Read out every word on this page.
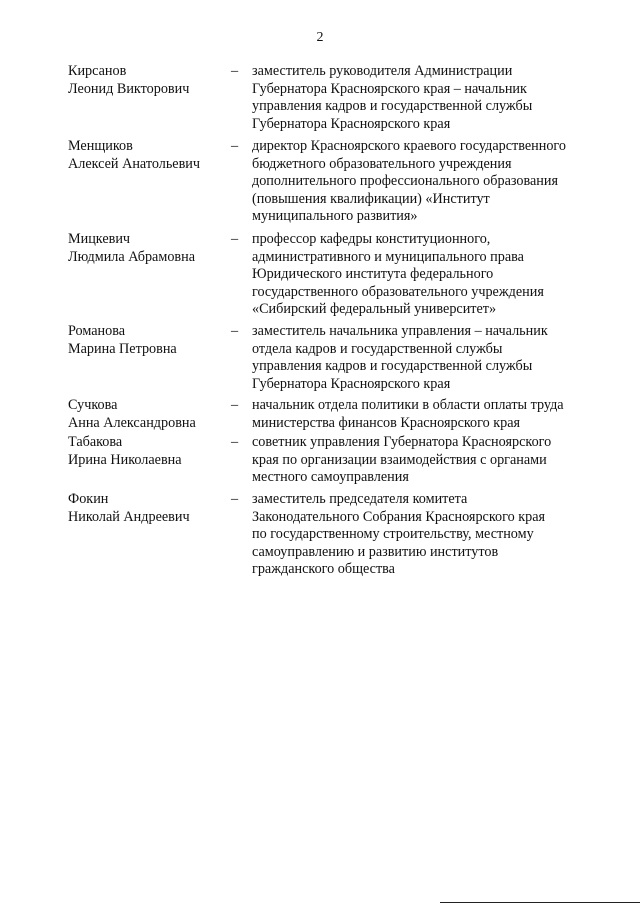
2
Кирсанов
Леонид Викторович
– заместитель руководителя Администрации
Губернатора Красноярского края – начальник
управления кадров и государственной службы
Губернатора Красноярского края
Менщиков
Алексей Анатольевич
– директор Красноярского краевого государственного
бюджетного образовательного учреждения
дополнительного профессионального образования
(повышения квалификации) «Институт
муниципального развития»
Мицкевич
Людмила Абрамовна
– профессор кафедры конституционного,
административного и муниципального права
Юридического института федерального
государственного образовательного учреждения
«Сибирский федеральный университет»
Романова
Марина Петровна
– заместитель начальника управления – начальник
отдела кадров и государственной службы
управления кадров и государственной службы
Губернатора Красноярского края
Сучкова
Анна Александровна
– начальник отдела политики в области оплаты труда
министерства финансов Красноярского края
Табакова
Ирина Николаевна
– советник управления Губернатора Красноярского
края по организации взаимодействия с органами
местного самоуправления
Фокин
Николай Андреевич
– заместитель председателя комитета
Законодательного Собрания Красноярского края
по государственному строительству, местному
самоуправлению и развитию институтов
гражданского общества
